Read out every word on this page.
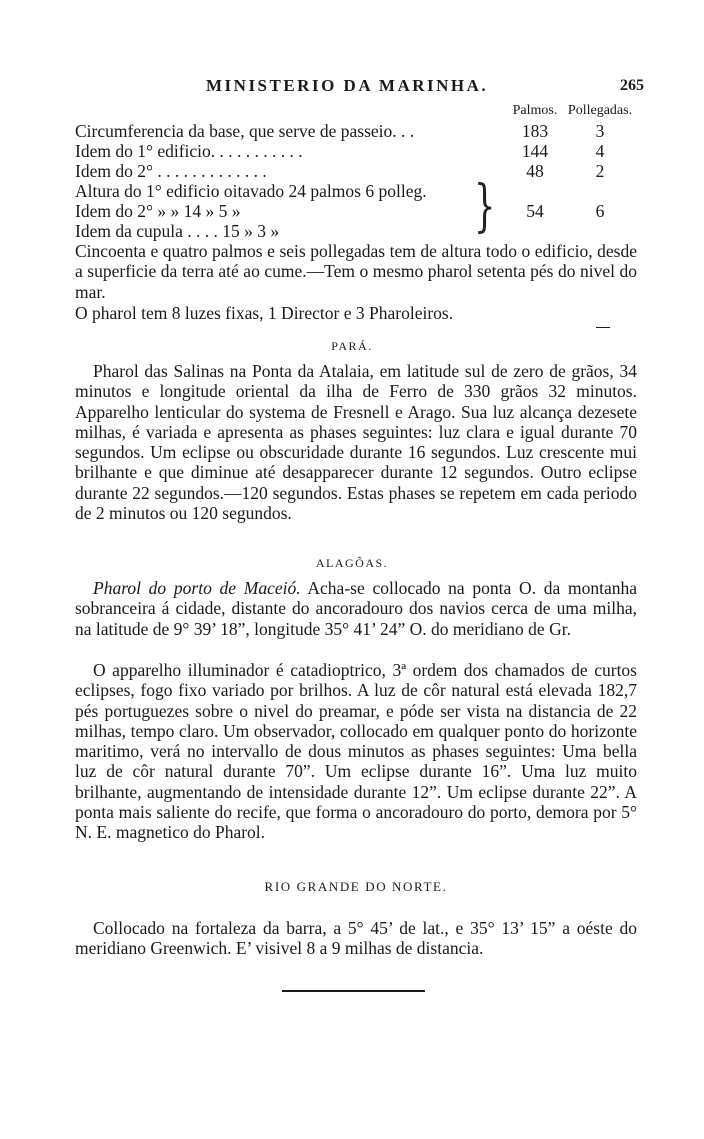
MINISTERIO DA MARINHA.	265
Palmos. Pollegadas.
Circumferencia da base, que serve de passeio. . .	183	3
Idem do 1° edificio. . . . . . . . . . .	144	4
Idem do 2° . . . . . . . . . . . . .	48	2
Altura do 1° edificio oitavado 24 palmos 6 polleg.
Idem do 2° » » 14 » 5 »	54	6
Idem da cupula . . . . 15 » 3 »	}

Cincoenta e quatro palmos e seis pollegadas tem de altura todo o edificio, desde a superficie da terra até ao cume.—Tem o mesmo pharol setenta pés do nivel do mar.

O pharol tem 8 luzes fixas, 1 Director e 3 Pharoleiros.

PARÁ.

Pharol das Salinas na Ponta da Atalaia, em latitude sul de zero de grãos, 34 minutos e longitude oriental da ilha de Ferro de 330 grãos 32 minutos. Apparelho lenticular do systema de Fresnell e Arago. Sua luz alcança dezesete milhas, é variada e apresenta as phases seguintes: luz clara e igual durante 70 segundos. Um eclipse ou obscuridade durante 16 segundos. Luz crescente mui brilhante e que diminue até desapparecer durante 12 segundos. Outro eclipse durante 22 segundos.—120 segundos. Estas phases se repetem em cada periodo de 2 minutos ou 120 segundos.

ALAGÔAS.

Pharol do porto de Maceió. Acha-se collocado na ponta O. da montanha sobranceira á cidade, distante do ancoradouro dos navios cerca de uma milha, na latitude de 9° 39’ 18”, longitude 35° 41’ 24” O. do meridiano de Gr.

O apparelho illuminador é catadioptrico, 3ª ordem dos chamados de curtos eclipses, fogo fixo variado por brilhos. A luz de côr natural está elevada 182,7 pés portuguezes sobre o nivel do preamar, e póde ser vista na distancia de 22 milhas, tempo claro. Um observador, collocado em qualquer ponto do horizonte maritimo, verá no intervallo de dous minutos as phases seguintes: Uma bella luz de côr natural durante 70”. Um eclipse durante 16”. Uma luz muito brilhante, augmentando de intensidade durante 12”. Um eclipse durante 22”. A ponta mais saliente do recife, que forma o ancoradouro do porto, demora por 5° N. E. magnetico do Pharol.

RIO GRANDE DO NORTE.

Collocado na fortaleza da barra, a 5° 45’ de lat., e 35° 13’ 15” a oéste do meridiano Greenwich. E’ visivel 8 a 9 milhas de distancia.
